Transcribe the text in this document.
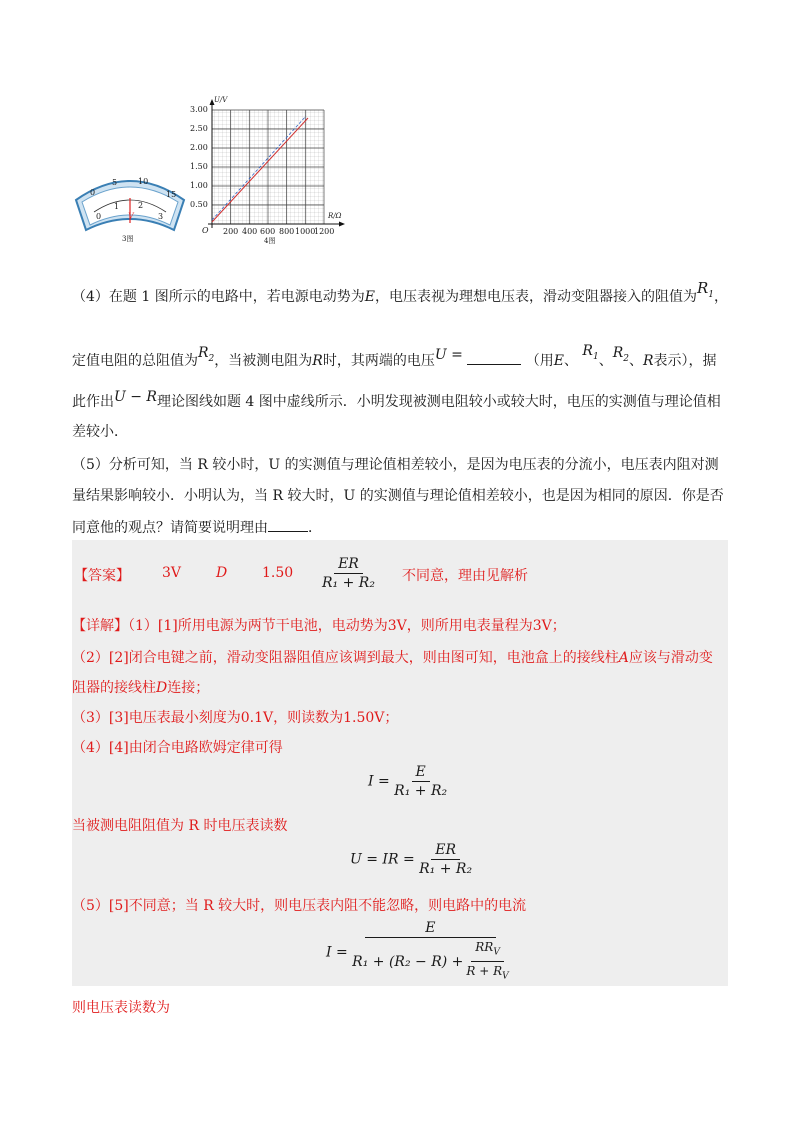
V
0
5	10
15
0
1 2
3
3图
U/V
R/Ω
O
3.00
2.50
2.00
1.50
1.00
0.50
200 400 600 800 1000
1200
4图
（4）在题 1 图所示的电路中，若电源电动势为E，电压表视为理想电压表，滑动变阻器接入的阻值为$R_1$，
定值电阻的总阻值为$R_2$，当被测电阻为R时，其两端的电压U =	（用E、 $R_1$、$R_2$、R表示），据
此作出U − R理论图线如题 4 图中虚线所示．小明发现被测电阻较小或较大时，电压的实测值与理论值相
差较小．
（5）分析可知，当 R 较小时，U 的实测值与理论值相差较小，是因为电压表的分流小，电压表内阻对测
量结果影响较小．小明认为，当 R 较大时，U 的实测值与理论值相差较小，也是因为相同的原因．你是否
同意他的观点？请简要说明理由	．
【答案】 3V D $1.50 \frac{ER}{\text{R₁ + R₂}}$ 不同意，理由见解析
【详解】（1）[1]所用电源为两节干电池，电动势为3V，则所用电表量程为3V；
（2）[2]闭合电键之前，滑动变阻器阻值应该调到最大，则由图可知，电池盒上的接线柱A应该与滑动变
阻器的接线柱D连接；
（3）[3]电压表最小刻度为0.1V，则读数为1.50V；
（4）[4]由闭合电路欧姆定律可得
$I = \frac{E}{\text{R₁ + R₂}}$
当被测电阻阻值为 R 时电压表读数
U = IR = $\frac{ER}{\text{R₁ + R₂}}$
（5）[5]不同意；当 R 较大时，则电压表内阻不能忽略，则电路中的电流
$I = \frac{E}{R_1 + (R_2 - R) + \frac{RR_V}{R + R_V}}$
则电压表读数为
